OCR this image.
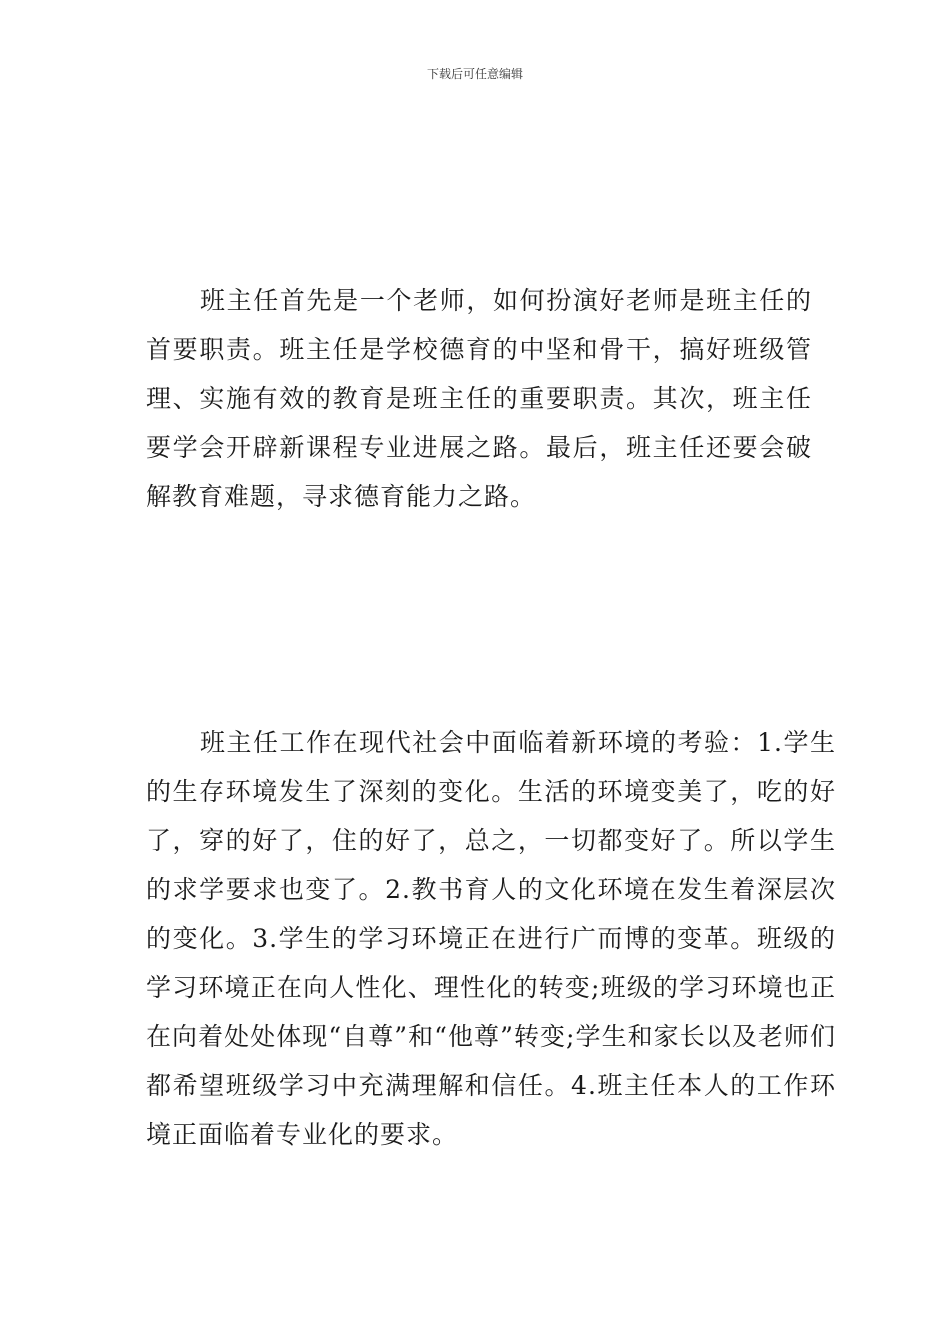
下载后可任意编辑

班主任首先是一个老师，如何扮演好老师是班主任的首要职责。班主任是学校德育的中坚和骨干，搞好班级管理、实施有效的教育是班主任的重要职责。其次，班主任要学会开辟新课程专业进展之路。最后，班主任还要会破解教育难题，寻求德育能力之路。

班主任工作在现代社会中面临着新环境的考验：1.学生的生存环境发生了深刻的变化。生活的环境变美了，吃的好了，穿的好了，住的好了，总之，一切都变好了。所以学生的求学要求也变了。2.教书育人的文化环境在发生着深层次的变化。3.学生的学习环境正在进行广而博的变革。班级的学习环境正在向人性化、理性化的转变;班级的学习环境也正在向着处处体现“自尊”和“他尊”转变;学生和家长以及老师们都希望班级学习中充满理解和信任。4.班主任本人的工作环境正面临着专业化的要求。
